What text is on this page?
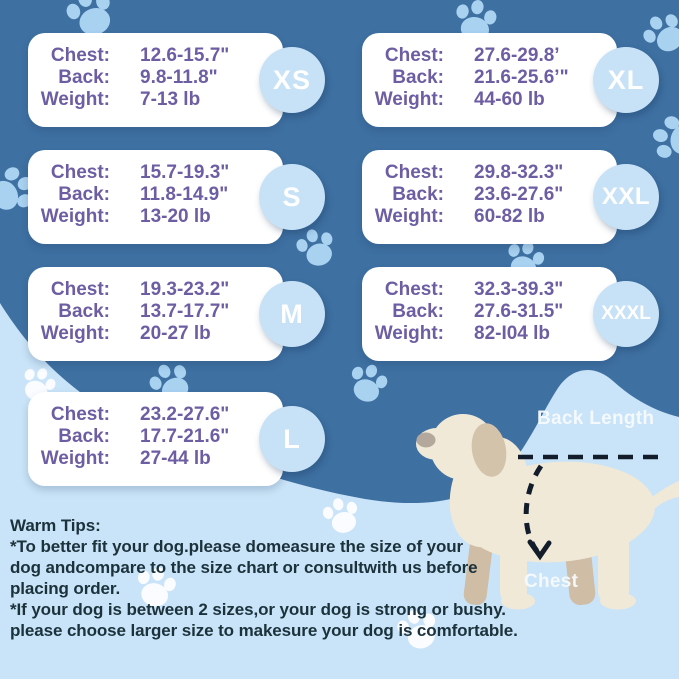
Chest: 12.6-15.7"
Back: 9.8-11.8"
Weight: 7-13 lb
XS
Chest: 15.7-19.3"
Back: 11.8-14.9"
Weight: 13-20 lb
S
Chest: 19.3-23.2"
Back: 13.7-17.7"
Weight: 20-27 lb
M
Chest: 23.2-27.6"
Back: 17.7-21.6"
Weight: 27-44 lb
L
Chest: 27.6-29.8’
Back: 21.6-25.6’"
Weight: 44-60 lb
XL
Chest: 29.8-32.3"
Back: 23.6-27.6"
Weight: 60-82 lb
XXL
Chest: 32.3-39.3"
Back: 27.6-31.5"
Weight: 82-I04 lb
XXXL
Back Length
Chest
Warm Tips:
*To better fit your dog.please domeasure the size of your
dog andcompare to the size chart or consultwith us before
placing order.
*If your dog is between 2 sizes,or your dog is strong or bushy.
please choose larger size to makesure your dog is comfortable.
